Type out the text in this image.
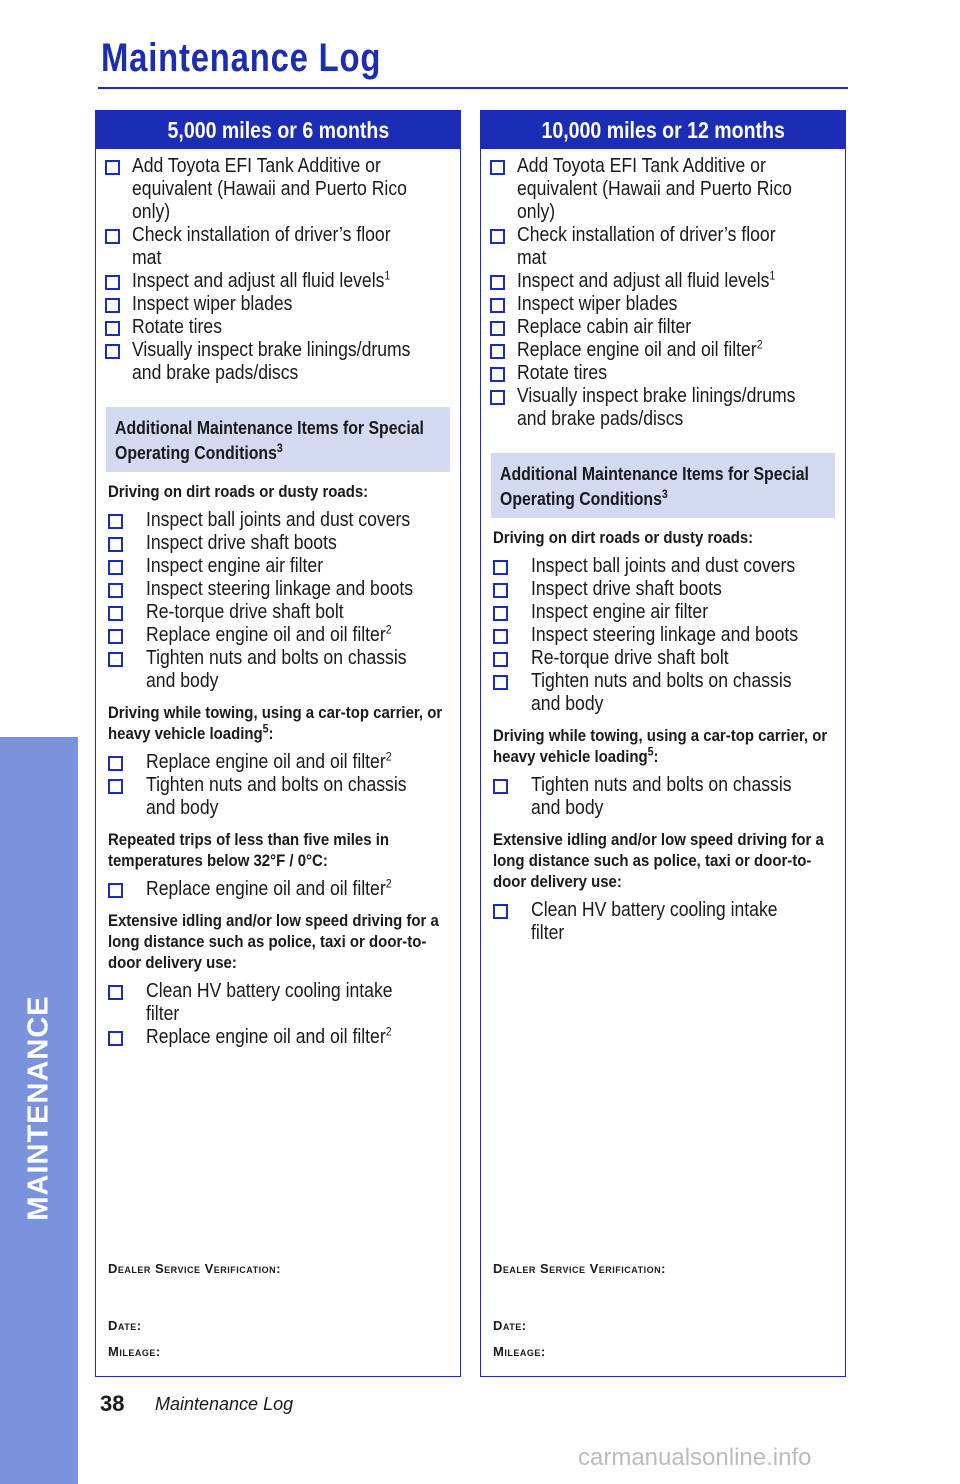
MAINTENANCE
Maintenance Log
5,000 miles or 6 months
Add Toyota EFI Tank Additive or equivalent (Hawaii and Puerto Rico only)
Check installation of driver’s floor mat
Inspect and adjust all fluid levels$^1$
Inspect wiper blades
Rotate tires
Visually inspect brake linings/drums and brake pads/discs
Additional Maintenance Items for Special Operating Conditions$^3$
Driving on dirt roads or dusty roads:
Inspect ball joints and dust covers
Inspect drive shaft boots
Inspect engine air filter
Inspect steering linkage and boots
Re-torque drive shaft bolt
Replace engine oil and oil filter$^2$
Tighten nuts and bolts on chassis and body
Driving while towing, using a car-top carrier, or heavy vehicle loading$^5$:
Replace engine oil and oil filter$^2$
Tighten nuts and bolts on chassis and body
Repeated trips of less than five miles in temperatures below 32°F / 0°C:
Replace engine oil and oil filter$^2$
Extensive idling and/or low speed driving for a long distance such as police, taxi or door-to-door delivery use:
Clean HV battery cooling intake filter
Replace engine oil and oil filter$^2$
Dealer Service Verification:
Date:
Mileage:
10,000 miles or 12 months
Add Toyota EFI Tank Additive or equivalent (Hawaii and Puerto Rico only)
Check installation of driver’s floor mat
Inspect and adjust all fluid levels$^1$
Inspect wiper blades
Replace cabin air filter
Replace engine oil and oil filter$^2$
Rotate tires
Visually inspect brake linings/drums and brake pads/discs
Additional Maintenance Items for Special Operating Conditions$^3$
Driving on dirt roads or dusty roads:
Inspect ball joints and dust covers
Inspect drive shaft boots
Inspect engine air filter
Inspect steering linkage and boots
Re-torque drive shaft bolt
Tighten nuts and bolts on chassis and body
Driving while towing, using a car-top carrier, or heavy vehicle loading$^5$:
Tighten nuts and bolts on chassis and body
Extensive idling and/or low speed driving for a long distance such as police, taxi or door-to-door delivery use:
Clean HV battery cooling intake filter
Dealer Service Verification:
Date:
Mileage:
38 Maintenance Log
carmanualsonline.info
